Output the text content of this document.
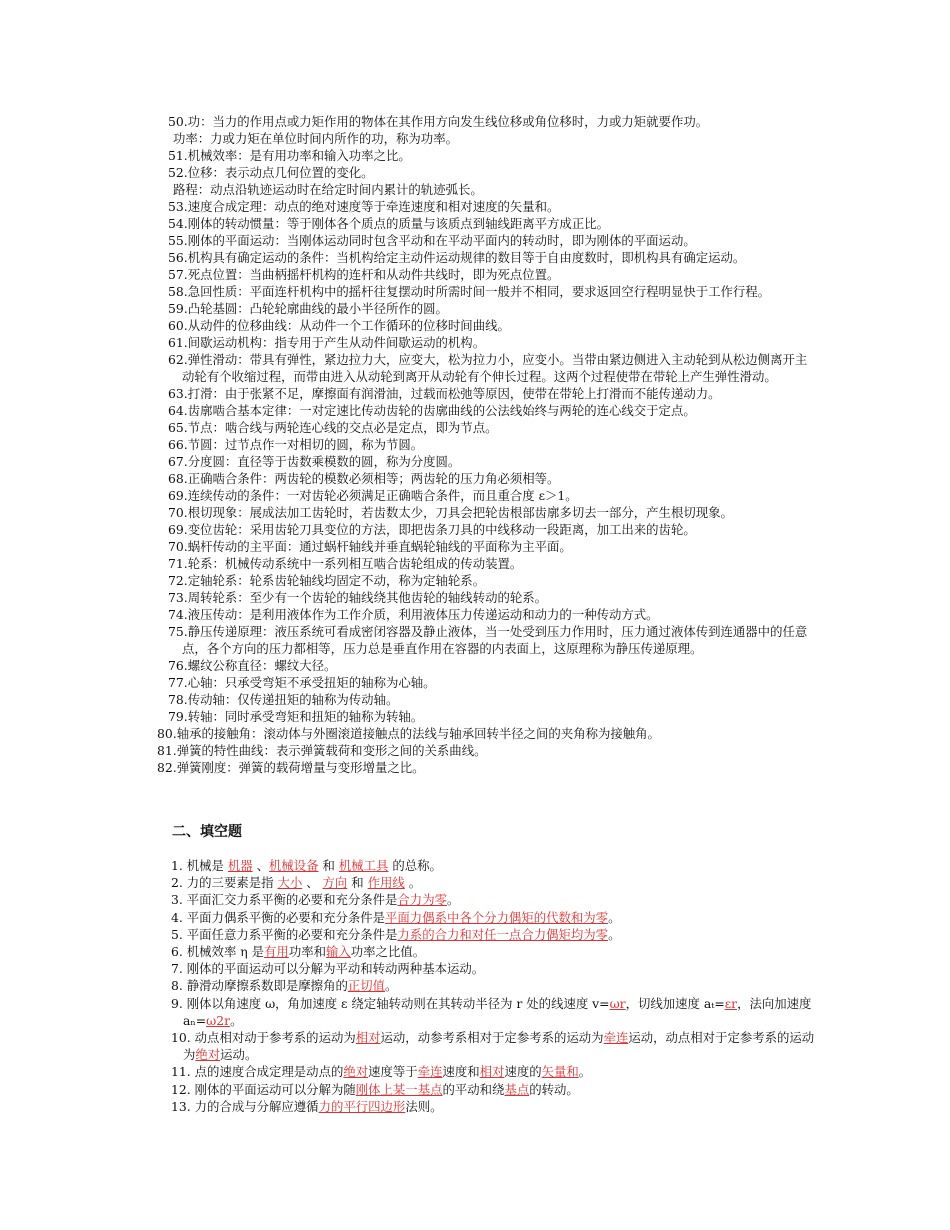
50.功：当力的作用点或力矩作用的物体在其作用方向发生线位移或角位移时，力或力矩就要作功。
功率：力或力矩在单位时间内所作的功，称为功率。
51.机械效率：是有用功率和输入功率之比。
52.位移：表示动点几何位置的变化。
路程：动点沿轨迹运动时在给定时间内累计的轨迹弧长。
53.速度合成定理：动点的绝对速度等于牵连速度和相对速度的矢量和。
54.刚体的转动惯量：等于刚体各个质点的质量与该质点到轴线距离平方成正比。
55.刚体的平面运动：当刚体运动同时包含平动和在平动平面内的转动时，即为刚体的平面运动。
56.机构具有确定运动的条件：当机构给定主动件运动规律的数目等于自由度数时，即机构具有确定运动。
57.死点位置：当曲柄摇杆机构的连杆和从动件共线时，即为死点位置。
58.急回性质：平面连杆机构中的摇杆往复摆动时所需时间一般并不相同，要求返回空行程明显快于工作行程。
59.凸轮基圆：凸轮轮廓曲线的最小半径所作的圆。
60.从动件的位移曲线：从动件一个工作循环的位移时间曲线。
61.间歇运动机构：指专用于产生从动件间歇运动的机构。
62.弹性滑动：带具有弹性，紧边拉力大，应变大，松为拉力小，应变小。当带由紧边侧进入主动轮到从松边侧离开主动轮有个收缩过程，而带由进入从动轮到离开从动轮有个伸长过程。这两个过程使带在带轮上产生弹性滑动。
63.打滑：由于张紧不足，摩擦面有润滑油，过载而松弛等原因，使带在带轮上打滑而不能传递动力。
64.齿廓啮合基本定律：一对定速比传动齿轮的齿廓曲线的公法线始终与两轮的连心线交于定点。
65.节点：啮合线与两轮连心线的交点必是定点，即为节点。
66.节圆：过节点作一对相切的圆，称为节圆。
67.分度圆：直径等于齿数乘模数的圆，称为分度圆。
68.正确啮合条件：两齿轮的模数必须相等；两齿轮的压力角必须相等。
69.连续传动的条件：一对齿轮必须满足正确啮合条件，而且重合度 ε＞1。
70.根切现象：展成法加工齿轮时，若齿数太少，刀具会把轮齿根部齿廓多切去一部分，产生根切现象。
69.变位齿轮：采用齿轮刀具变位的方法，即把齿条刀具的中线移动一段距离，加工出来的齿轮。
70.蜗杆传动的主平面：通过蜗杆轴线并垂直蜗轮轴线的平面称为主平面。
71.轮系：机械传动系统中一系列相互啮合齿轮组成的传动装置。
72.定轴轮系：轮系齿轮轴线均固定不动，称为定轴轮系。
73.周转轮系：至少有一个齿轮的轴线绕其他齿轮的轴线转动的轮系。
74.液压传动：是利用液体作为工作介质，利用液体压力传递运动和动力的一种传动方式。
75.静压传递原理：液压系统可看成密闭容器及静止液体，当一处受到压力作用时，压力通过液体传到连通器中的任意点，各个方向的压力都相等，压力总是垂直作用在容器的内表面上，这原理称为静压传递原理。
76.螺纹公称直径：螺纹大径。
77.心轴：只承受弯矩不承受扭矩的轴称为心轴。
78.传动轴：仅传递扭矩的轴称为传动轴。
79.转轴：同时承受弯矩和扭矩的轴称为转轴。
80.轴承的接触角：滚动体与外圈滚道接触点的法线与轴承回转半径之间的夹角称为接触角。
81.弹簧的特性曲线：表示弹簧载荷和变形之间的关系曲线。
82.弹簧刚度：弹簧的载荷增量与变形增量之比。
二、填空题
1. 机械是 机器 、机械设备 和 机械工具 的总称。
2. 力的三要素是指 大小 、 方向 和 作用线 。
3. 平面汇交力系平衡的必要和充分条件是合力为零。
4. 平面力偶系平衡的必要和充分条件是平面力偶系中各个分力偶矩的代数和为零。
5. 平面任意力系平衡的必要和充分条件是力系的合力和对任一点合力偶矩均为零。
6. 机械效率 η 是有用功率和输入功率之比值。
7. 刚体的平面运动可以分解为平动和转动两种基本运动。
8. 静滑动摩擦系数即是摩擦角的正切值。
9. 刚体以角速度 ω，角加速度 ε 绕定轴转动则在其转动半径为 r 处的线速度 v=ωr，切线加速度 aₜ=εr，法向加速度 aₙ=ω2r。
10. 动点相对动于参考系的运动为相对运动，动参考系相对于定参考系的运动为牵连运动，动点相对于定参考系的运动为绝对运动。
11. 点的速度合成定理是动点的绝对速度等于牵连速度和相对速度的矢量和。
12. 刚体的平面运动可以分解为随刚体上某一基点的平动和绕基点的转动。
13. 力的合成与分解应遵循力的平行四边形法则。
